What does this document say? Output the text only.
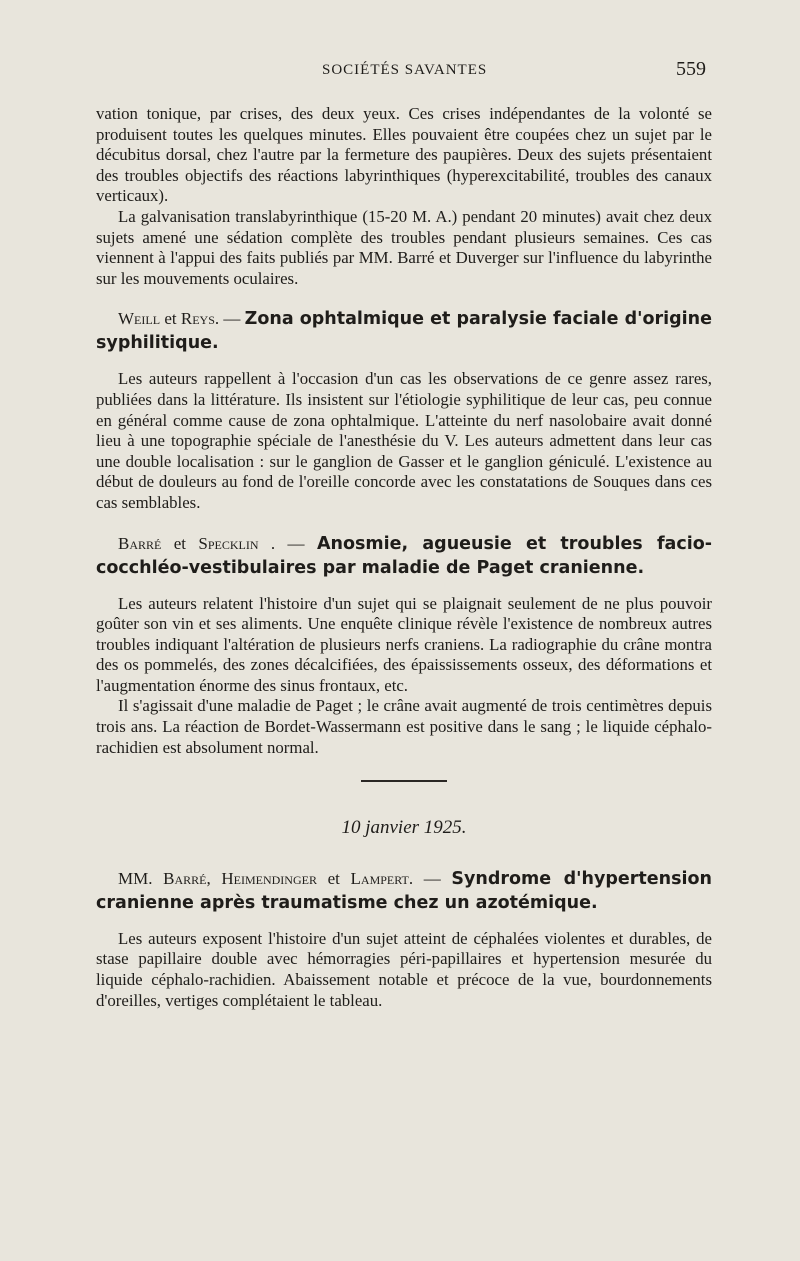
SOCIÉTÉS SAVANTES	559

vation tonique, par crises, des deux yeux. Ces crises indépendantes de la volonté se produisent toutes les quelques minutes. Elles pouvaient être coupées chez un sujet par le décubitus dorsal, chez l'autre par la fermeture des paupières. Deux des sujets présentaient des troubles objectifs des réactions labyrinthiques (hyperexcitabilité, troubles des canaux verticaux).

La galvanisation translabyrinthique (15-20 M. A.) pendant 20 minutes) avait chez deux sujets amené une sédation complète des troubles pendant plusieurs semaines. Ces cas viennent à l'appui des faits publiés par MM. Barré et Duverger sur l'influence du labyrinthe sur les mouvements oculaires.

Weill et Reys. — Zona ophtalmique et paralysie faciale d'origine syphilitique.

Les auteurs rappellent à l'occasion d'un cas les observations de ce genre assez rares, publiées dans la littérature. Ils insistent sur l'étiologie syphilitique de leur cas, peu connue en général comme cause de zona ophtalmique. L'atteinte du nerf nasolobaire avait donné lieu à une topographie spéciale de l'anesthésie du V. Les auteurs admettent dans leur cas une double localisation : sur le ganglion de Gasser et le ganglion géniculé. L'existence au début de douleurs au fond de l'oreille concorde avec les constatations de Souques dans ces cas semblables.

Barré et Specklin . — Anosmie, agueusie et troubles facio-cocchléo-vestibulaires par maladie de Paget cranienne.

Les auteurs relatent l'histoire d'un sujet qui se plaignait seulement de ne plus pouvoir goûter son vin et ses aliments. Une enquête clinique révèle l'existence de nombreux autres troubles indiquant l'altération de plusieurs nerfs craniens. La radiographie du crâne montra des os pommelés, des zones décalcifiées, des épaississements osseux, des déformations et l'augmentation énorme des sinus frontaux, etc.

Il s'agissait d'une maladie de Paget ; le crâne avait augmenté de trois centimètres depuis trois ans. La réaction de Bordet-Wassermann est positive dans le sang ; le liquide céphalo-rachidien est absolument normal.

10 janvier 1925.
MM. Barré, Heimendinger et Lampert. — Syndrome d'hypertension cranienne après traumatisme chez un azotémique.

Les auteurs exposent l'histoire d'un sujet atteint de céphalées violentes et durables, de stase papillaire double avec hémorragies péri-papillaires et hypertension mesurée du liquide céphalo-rachidien. Abaissement notable et précoce de la vue, bourdonnements d'oreilles, vertiges complétaient le tableau.
